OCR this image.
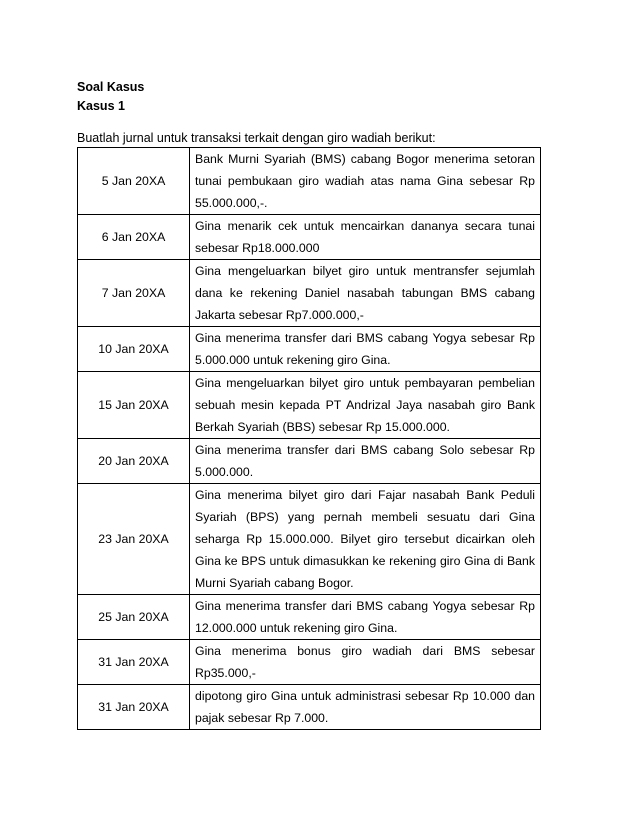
Soal Kasus
Kasus 1
Buatlah jurnal untuk transaksi terkait dengan giro wadiah berikut:
5 Jan 20XA	Bank Murni Syariah (BMS) cabang Bogor menerima setoran tunai pembukaan giro wadiah atas nama Gina sebesar Rp 55.000.000,-.
6 Jan 20XA	Gina menarik cek untuk mencairkan dananya secara tunai sebesar Rp18.000.000
7 Jan 20XA	Gina mengeluarkan bilyet giro untuk mentransfer sejumlah dana ke rekening Daniel nasabah tabungan BMS cabang Jakarta sebesar Rp7.000.000,-
10 Jan 20XA	Gina menerima transfer dari BMS cabang Yogya sebesar Rp 5.000.000 untuk rekening giro Gina.
15 Jan 20XA	Gina mengeluarkan bilyet giro untuk pembayaran pembelian sebuah mesin kepada PT Andrizal Jaya nasabah giro Bank Berkah Syariah (BBS) sebesar Rp 15.000.000.
20 Jan 20XA	Gina menerima transfer dari BMS cabang Solo sebesar Rp 5.000.000.
23 Jan 20XA	Gina menerima bilyet giro dari Fajar nasabah Bank Peduli Syariah (BPS) yang pernah membeli sesuatu dari Gina seharga Rp 15.000.000. Bilyet giro tersebut dicairkan oleh Gina ke BPS untuk dimasukkan ke rekening giro Gina di Bank Murni Syariah cabang Bogor.
25 Jan 20XA	Gina menerima transfer dari BMS cabang Yogya sebesar Rp 12.000.000 untuk rekening giro Gina.
31 Jan 20XA	Gina menerima bonus giro wadiah dari BMS sebesar Rp35.000,-
31 Jan 20XA	dipotong giro Gina untuk administrasi sebesar Rp 10.000 dan pajak sebesar Rp 7.000.
